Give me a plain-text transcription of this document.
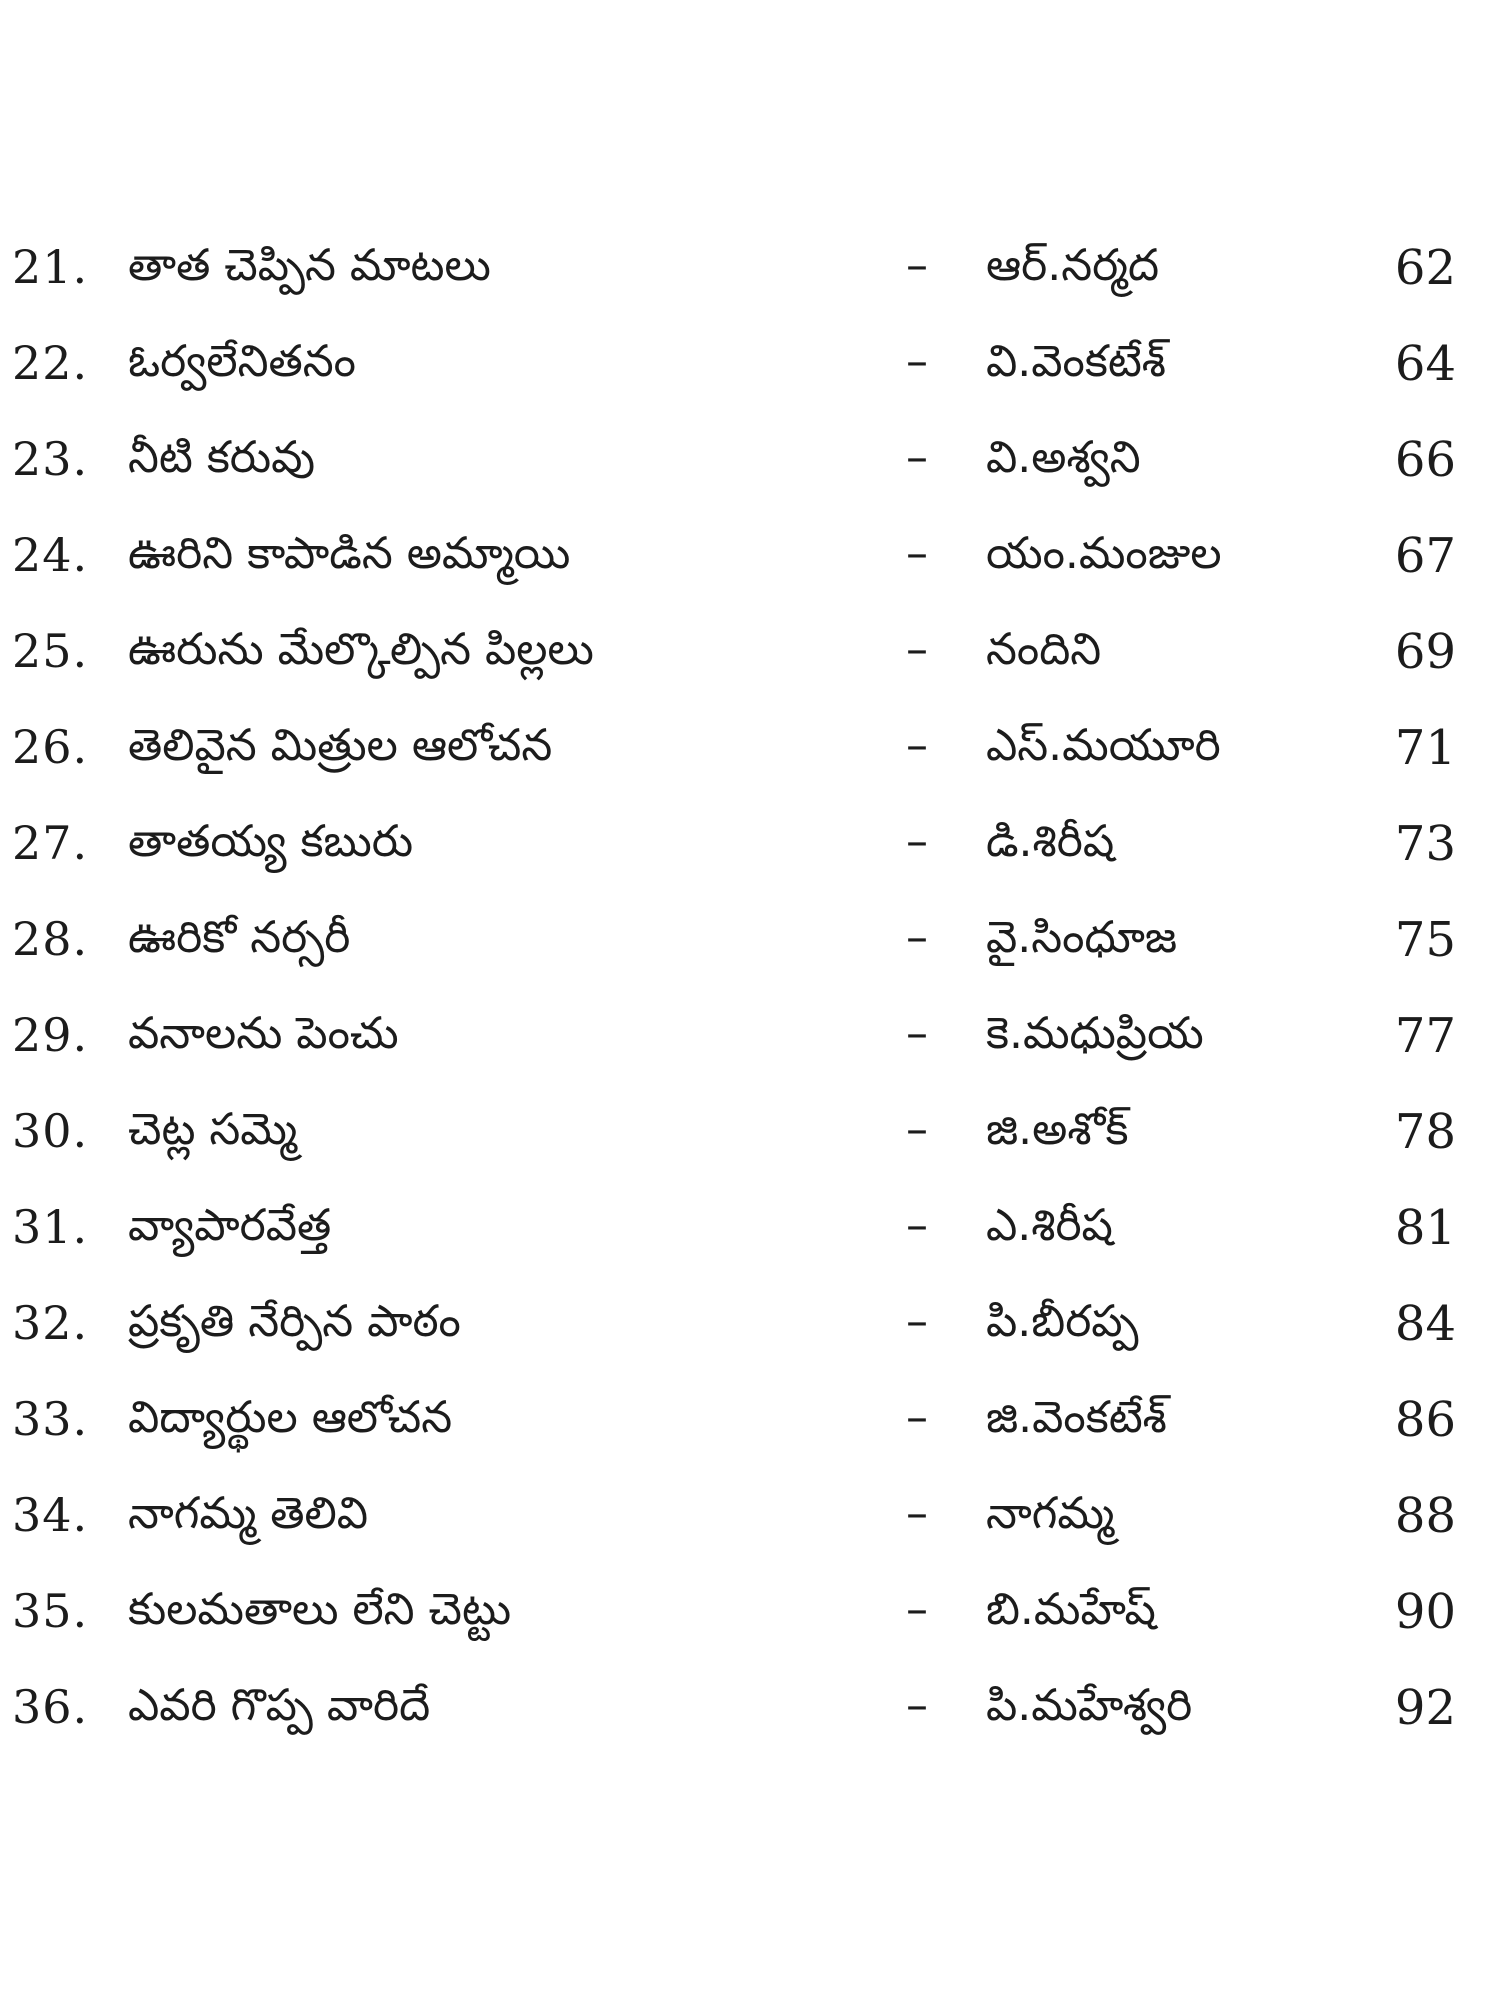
21. తాత చెప్పిన మాటలు	– ఆర్.నర్మద	62
22. ఓర్వలేనితనం	– వి.వెంకటేశ్	64
23. నీటి కరువు	– వి.అశ్వని	66
24. ఊరిని కాపాడిన అమ్మాయి	– యం.మంజుల	67
25. ఊరును మేల్కొల్పిన పిల్లలు	– నందిని	69
26. తెలివైన మిత్రుల ఆలోచన	– ఎస్.మయూరి	71
27. తాతయ్య కబురు	– డి.శిరీష	73
28. ఊరికో నర్సరీ	– వై.సింధూజ	75
29. వనాలను పెంచు	– కె.మధుప్రియ	77
30. చెట్ల సమ్మె	– జి.అశోక్	78
31. వ్యాపారవేత్త	– ఎ.శిరీష	81
32. ప్రకృతి నేర్పిన పాఠం	– పి.బీరప్ప	84
33. విద్యార్థుల ఆలోచన	– జి.వెంకటేశ్	86
34. నాగమ్మ తెలివి	– నాగమ్మ	88
35. కులమతాలు లేని చెట్టు	– బి.మహేష్	90
36. ఎవరి గొప్ప వారిదే	– పి.మహేశ్వరి	92
